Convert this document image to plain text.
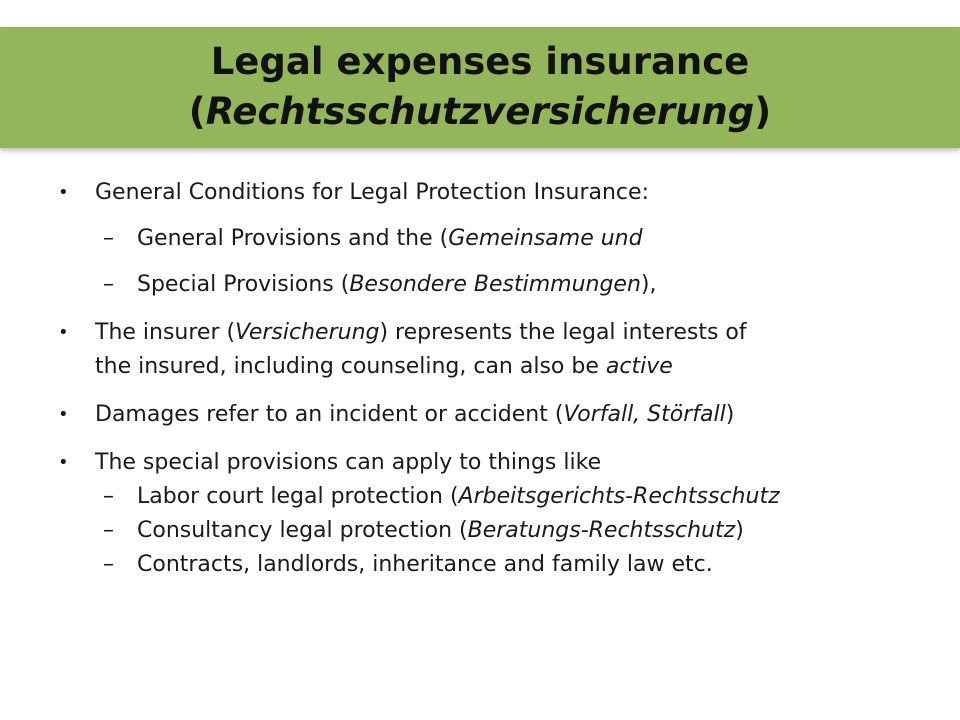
Legal expenses insurance
(Rechtsschutzversicherung)
• General Conditions for Legal Protection Insurance:
– General Provisions and the (Gemeinsame und
– Special Provisions (Besondere Bestimmungen),
• The insurer (Versicherung) represents the legal interests of
the insured, including counseling, can also be active
• Damages refer to an incident or accident (Vorfall, Störfall)
• The special provisions can apply to things like
– Labor court legal protection (Arbeitsgerichts-Rechtsschutz
– Consultancy legal protection (Beratungs-Rechtsschutz)
– Contracts, landlords, inheritance and family law etc.
